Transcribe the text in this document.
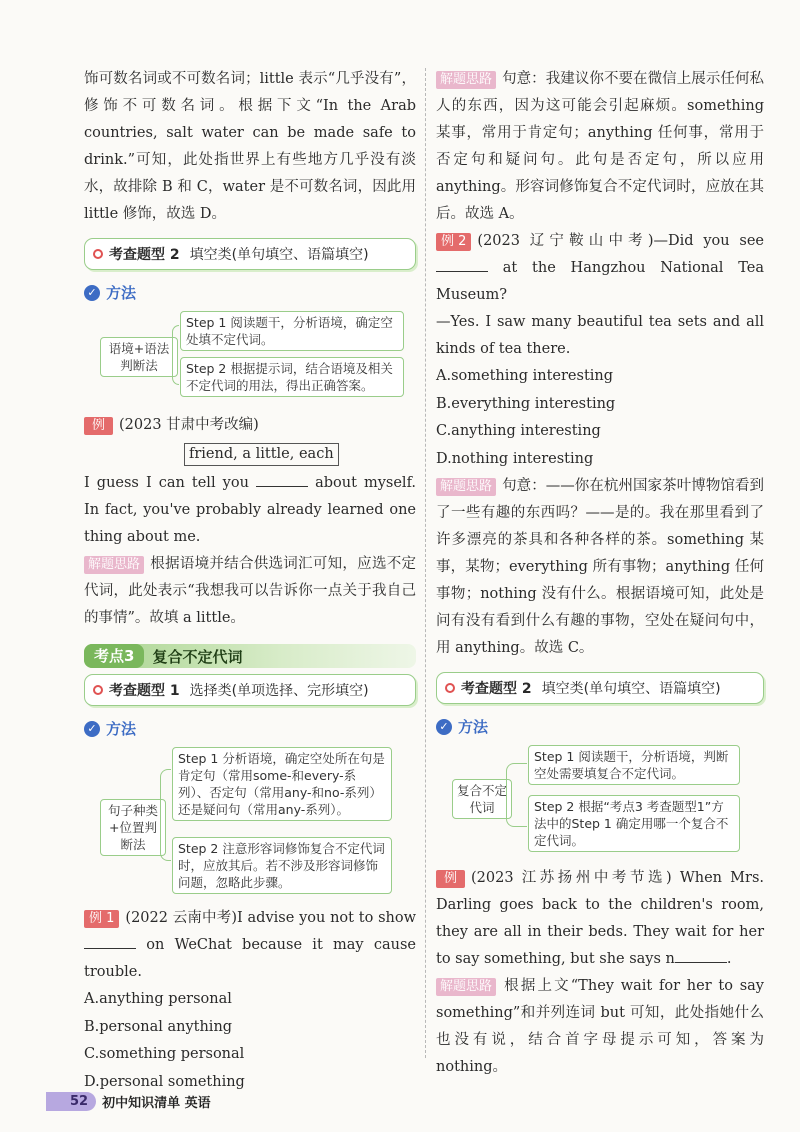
饰可数名词或不可数名词；little 表示“几乎没有”，修饰不可数名词。根据下文“In the Arab countries, salt water can be made safe to drink.”可知，此处指世界上有些地方几乎没有淡水，故排除 B 和 C，water 是不可数名词，因此用 little 修饰，故选 D。

考查题型 2 填空类(单句填空、语篇填空)
✓ 方法
语境+语法判断法
Step 1 阅读题干，分析语境，确定空处填不定代词。
Step 2 根据提示词，结合语境及相关不定代词的用法，得出正确答案。
例 (2023 甘肃中考改编)
friend, a little, each

I guess I can tell you	about myself. In fact, you've probably already learned one thing about me.

解题思路 根据语境并结合供选词汇可知，应选不定代词，此处表示“我想我可以告诉你一点关于我自己的事情”。故填 a little。

考点3	复合不定代词
考查题型 1 选择类(单项选择、完形填空)
✓ 方法
句子种类+位置判断法
Step 1 分析语境，确定空处所在句是肯定句（常用some-和every-系列）、否定句（常用any-和no-系列）还是疑问句（常用any-系列）。
Step 2 注意形容词修饰复合不定代词时，应放其后。若不涉及形容词修饰问题，忽略此步骤。

例 1 (2022 云南中考)I advise you not to show  on WeChat because it may cause trouble.

A.anything personal
B.personal anything
C.something personal
D.personal something

解题思路 句意：我建议你不要在微信上展示任何私人的东西，因为这可能会引起麻烦。something 某事，常用于肯定句；anything 任何事，常用于否定句和疑问句。此句是否定句，所以应用 anything。形容词修饰复合不定代词时，应放在其后。故选 A。

例 2 (2023 辽宁鞍山中考)—Did you see  at the Hangzhou National Tea Museum?

—Yes. I saw many beautiful tea sets and all kinds of tea there.

A.something interesting
B.everything interesting
C.anything interesting
D.nothing interesting

解题思路 句意：——你在杭州国家茶叶博物馆看到了一些有趣的东西吗？——是的。我在那里看到了许多漂亮的茶具和各种各样的茶。something 某事，某物；everything 所有事物；anything 任何事物；nothing 没有什么。根据语境可知，此处是问有没有看到什么有趣的事物，空处在疑问句中，用 anything。故选 C。

考查题型 2 填空类(单句填空、语篇填空)
✓ 方法
复合不定代词
Step 1 阅读题干，分析语境，判断空处需要填复合不定代词。
Step 2 根据“考点3 考查题型1”方法中的Step 1 确定用哪一个复合不定代词。

例 (2023 江苏扬州中考节选) When Mrs. Darling goes back to the children's room, they are all in their beds. They wait for her to say something, but she says n	.

解题思路 根据上文“They wait for her to say something”和并列连词 but 可知，此处指她什么也没有说，结合首字母提示可知，答案为 nothing。

52	初中知识清单 英语
